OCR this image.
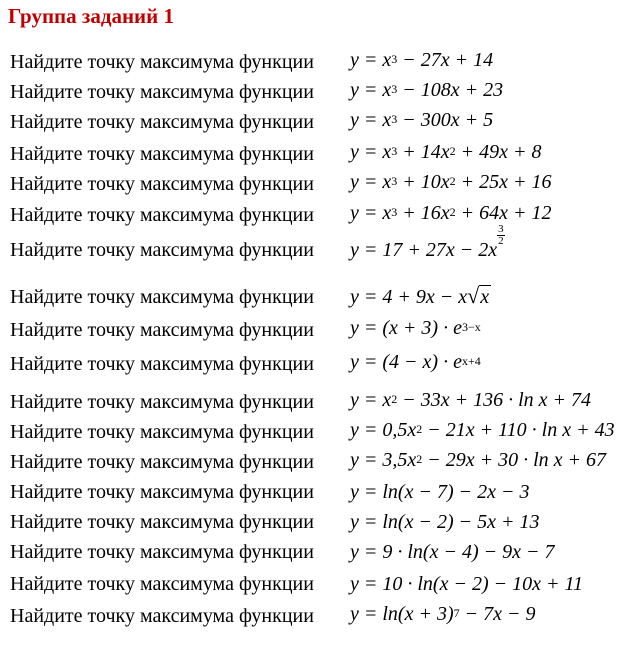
Группа заданий 1
Найдите точку максимума функции $y = x^3 - 27x + 14$
Найдите точку максимума функции $y = x^3 - 108x + 23$
Найдите точку максимума функции $y = x^3 - 300x + 5$
Найдите точку максимума функции $y = x^3 + 14x^2 + 49x + 8$
Найдите точку максимума функции $y = x^3 + 10x^2 + 25x + 16$
Найдите точку максимума функции $y = x^3 + 16x^2 + 64x + 12$
Найдите точку максимума функции y = 17 + 27x − 2x
$\frac{3}{2}$
Найдите точку максимума функции y = 4 + 9x − x√x
Найдите точку максимума функции $y = (x + 3) \cdot e^{3-x}$
Найдите точку максимума функции $y = (4 - x) \cdot e^{x+4}$
Найдите точку максимума функции $y = x^2 - 33x + 136 \cdot \ln x + 74$
Найдите точку максимума функции $y = 0,5x^2 - 21x + 110 \cdot \ln x + 43$
Найдите точку максимума функции $y = 3,5x^2 - 29x + 30 \cdot \ln x + 67$
Найдите точку максимума функции y = ln(x − 7) − 2x − 3
Найдите точку максимума функции y = ln(x − 2) − 5x + 13
Найдите точку максимума функции y = 9 · ln(x − 4) − 9x − 7
Найдите точку максимума функции y = 10 · ln(x − 2) − 10x + 11
Найдите точку максимума функции $y = \ln(x + 3)^7 - 7x - 9$
